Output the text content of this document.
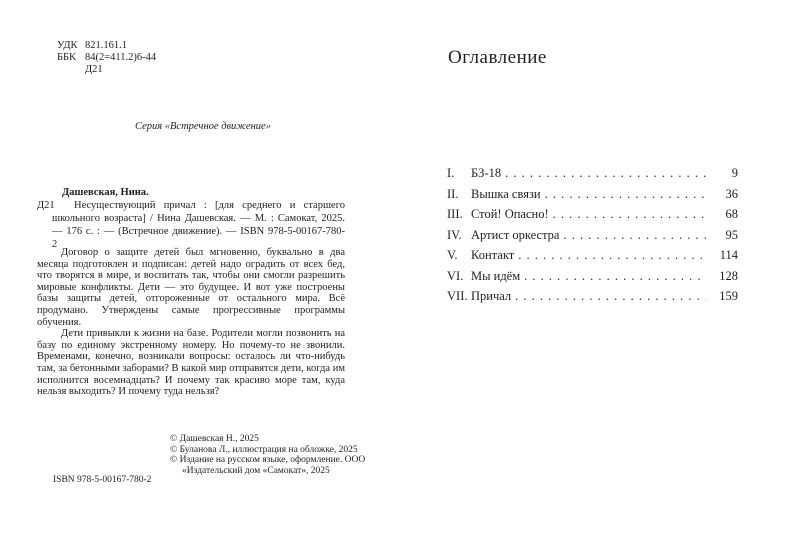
УДК 821.161.1
ББК 84(2=411.2)6-44
Д21
Серия «Встречное движение»
Дашевская, Нина.
Д21	Несуществующий причал : [для среднего и старшего школьного возраста] / Нина Дашевская. — М. : Самокат, 2025. — 176 с. : — (Встречное движение). — ISBN 978-5-00167-780-2

Договор о защите детей был мгновенно, буквально в два месяца подготовлен и подписан: детей надо оградить от всех бед, что творятся в мире, и воспитать так, чтобы они смогли разрешить мировые конфликты. Дети — это будущее. И вот уже построены базы защиты детей, отгороженные от остального мира. Всё продумано. Утверждены самые прогрессивные программы обучения.

Дети привыкли к жизни на базе. Родители могли позвонить на базу по единому экстренному номеру. Но почему-то не звонили. Временами, конечно, возникали вопросы: осталось ли что-нибудь там, за бетонными заборами? В какой мир отправятся дети, когда им исполнится восемнадцать? И почему так красиво море там, куда нельзя выходить? И почему туда нельзя?

© Дашевская Н., 2025

© Буланова Л., иллюстрация на обложке, 2025

© Издание на русском языке, оформление. ООО «Издательский дом «Самокат», 2025

ISBN 978-5-00167-780-2
Оглавление
I.	БЗ-18 . . .	9
II.	Вышка связи . . .	36
III. Стой! Опасно! . . .	68
IV. Артист оркестра . . .	95
V.	Контакт . . .	114
VI. Мы идём . . .	128
VII. Причал . . .	159
